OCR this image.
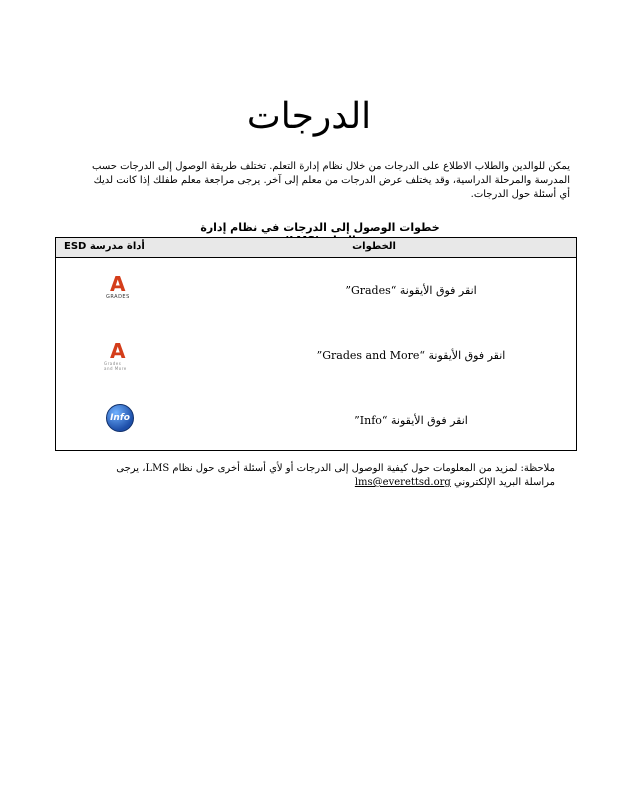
الدرجات
يمكن للوالدين والطلاب الاطلاع على الدرجات من خلال نظام إدارة التعلم. تختلف طريقة الوصول إلى الدرجات حسب المدرسة والمرحلة الدراسية، وقد يختلف عرض الدرجات من معلم إلى آخر. يرجى مراجعة معلم طفلك إذا كانت لديك أي أسئلة حول الدرجات.
خطوات الوصول إلى الدرجات في نظام إدارة
الخطوات
أداة مدرسة ESD
A
GRADES	انقر فوق الأيقونة “Grades”
A
Grades and More
انقر فوق الأيقونة “Grades and More”
Info	انقر فوق الأيقونة “Info”
ملاحظة: لمزيد من المعلومات حول كيفية الوصول إلى الدرجات أو لأي أسئلة أخرى حول نظام LMS، يرجى مراسلة البريد الإلكتروني lms@everettsd.org
